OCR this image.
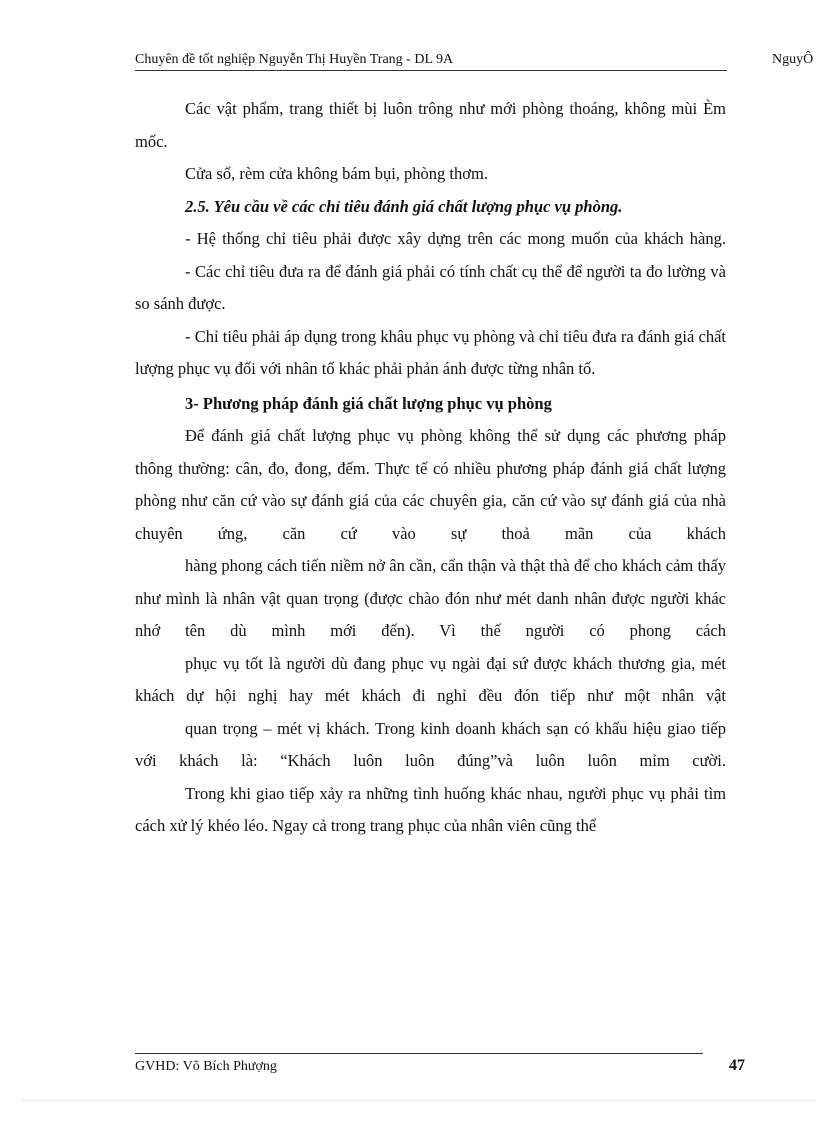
Chuyên đề tốt nghiệp Nguyễn Thị Huyền Trang - DL 9A	NguyÔ

Các vật phẩm, trang thiết bị luôn trông như mới phòng thoáng, không mùi Èm mốc.

Cửa sổ, rèm cửa không bám bụi, phòng thơm.

2.5. Yêu cầu về các chỉ tiêu đánh giá chất lượng phục vụ phòng.

- Hệ thống chỉ tiêu phải được xây dựng trên các mong muốn của khách hàng.

- Các chỉ tiêu đưa ra để đánh giá phải có tính chất cụ thể để người ta đo lường và so sánh được.

- Chỉ tiêu phải áp dụng trong khâu phục vụ phòng và chỉ tiêu đưa ra đánh giá chất lượng phục vụ đối với nhân tố khác phải phản ánh được từng nhân tố.

3- Phương pháp đánh giá chất lượng phục vụ phòng

Để đánh giá chất lượng phục vụ phòng không thể sử dụng các phương pháp thông thường: cân, đo, đong, đếm. Thực tế có nhiều phương pháp đánh giá chất lượng phòng như căn cứ vào sự đánh giá của các chuyên gia, căn cứ vào sự đánh giá của nhà chuyên ứng, căn cứ vào sự thoả mãn của khách

hàng phong cách tiến niềm nở ân cần, cẩn thận và thật thà để cho khách cảm thấy như mình là nhân vật quan trọng (được chào đón như mét danh nhân được người khác nhớ tên dù mình mới đến). Vì thế người có phong cách

phục vụ tốt là người dù đang phục vụ ngài đại sứ được khách thương gia, mét khách dự hội nghị hay mét khách đi nghỉ đều đón tiếp như một nhân vật

quan trọng – mét vị khách. Trong kinh doanh khách sạn có khẩu hiệu giao tiếp với khách là: “Khách luôn luôn đúng”và luôn luôn mỉm cười.

Trong khi giao tiếp xảy ra những tình huống khác nhau, người phục vụ phải tìm cách xử lý khéo léo. Ngay cả trong trang phục của nhân viên cũng thể

GVHD: Võ Bích Phượng	47
